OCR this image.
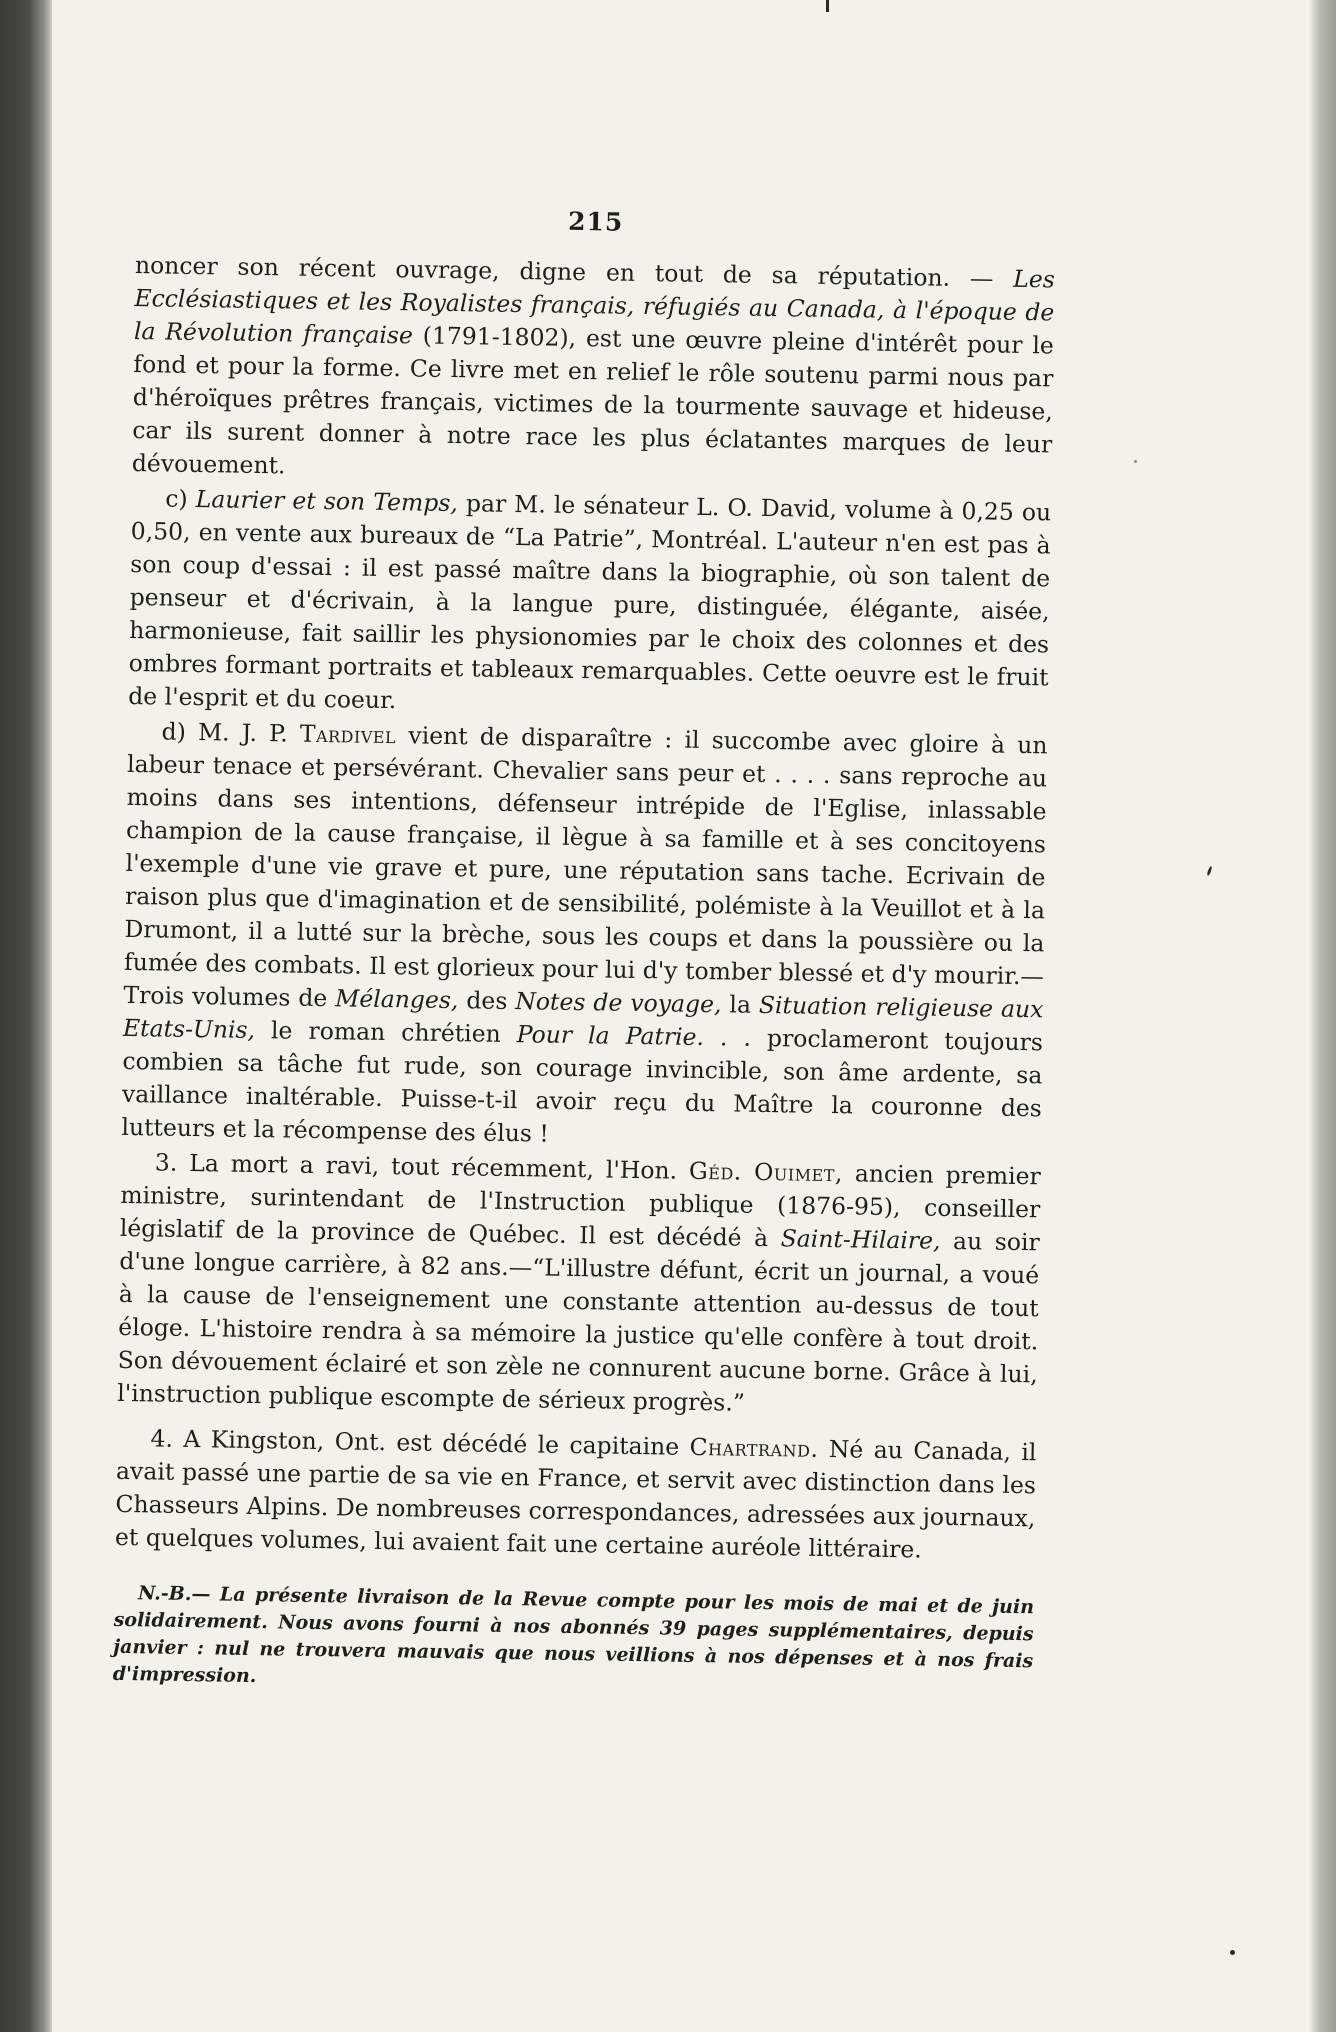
215

noncer son récent ouvrage, digne en tout de sa réputation. — Les Ecclésiastiques et les Royalistes français, réfugiés au Canada, à l'époque de la Révolution française (1791-1802), est une œuvre pleine d'intérêt pour le fond et pour la forme. Ce livre met en relief le rôle soutenu parmi nous par d'héroïques prêtres français, victimes de la tourmente sauvage et hideuse, car ils surent donner à notre race les plus éclatantes marques de leur dévouement.

c) Laurier et son Temps, par M. le sénateur L. O. David, volume à 0,25 ou 0,50, en vente aux bureaux de “La Patrie”, Montréal. L'auteur n'en est pas à son coup d'essai : il est passé maître dans la biographie, où son talent de penseur et d'écrivain, à la langue pure, distinguée, élégante, aisée, harmonieuse, fait saillir les physionomies par le choix des colonnes et des ombres formant portraits et tableaux remarquables. Cette oeuvre est le fruit de l'esprit et du coeur.

d) M. J. P. Tardivel vient de disparaître : il succombe avec gloire à un labeur tenace et persévérant. Chevalier sans peur et . . . . sans reproche au moins dans ses intentions, défenseur intrépide de l'Eglise, inlassable champion de la cause française, il lègue à sa famille et à ses concitoyens l'exemple d'une vie grave et pure, une réputation sans tache. Ecrivain de raison plus que d'imagination et de sensibilité, polémiste à la Veuillot et à la Drumont, il a lutté sur la brèche, sous les coups et dans la poussière ou la fumée des combats. Il est glorieux pour lui d'y tomber blessé et d'y mourir.—Trois volumes de Mélanges, des Notes de voyage, la Situation religieuse aux Etats-Unis, le roman chrétien Pour la Patrie. . . proclameront toujours combien sa tâche fut rude, son courage invincible, son âme ardente, sa vaillance inaltérable. Puisse-t-il avoir reçu du Maître la couronne des lutteurs et la récompense des élus !

3. La mort a ravi, tout récemment, l'Hon. Géd. Ouimet, ancien premier ministre, surintendant de l'Instruction publique (1876-95), conseiller législatif de la province de Québec. Il est décédé à Saint-Hilaire, au soir d'une longue carrière, à 82 ans.—“L'illustre défunt, écrit un journal, a voué à la cause de l'enseignement une constante attention au-dessus de tout éloge. L'histoire rendra à sa mémoire la justice qu'elle confère à tout droit. Son dévouement éclairé et son zèle ne connurent aucune borne. Grâce à lui, l'instruction publique escompte de sérieux progrès.”

4. A Kingston, Ont. est décédé le capitaine Chartrand. Né au Canada, il avait passé une partie de sa vie en France, et servit avec distinction dans les Chasseurs Alpins. De nombreuses correspondances, adressées aux journaux, et quelques volumes, lui avaient fait une certaine auréole littéraire.

N.-B.— La présente livraison de la Revue compte pour les mois de mai et de juin solidairement. Nous avons fourni à nos abonnés 39 pages supplémentaires, depuis janvier : nul ne trouvera mauvais que nous veillions à nos dépenses et à nos frais d'impression.
